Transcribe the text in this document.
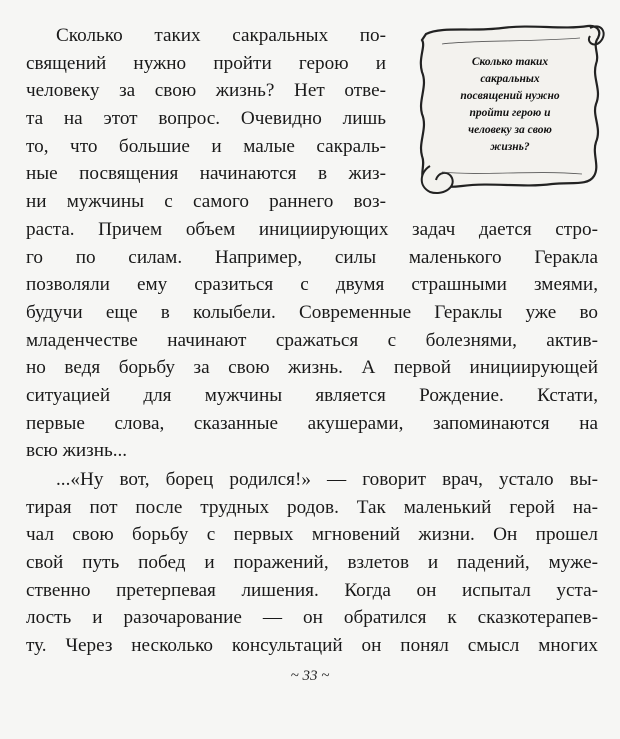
Сколько таких
сакральных
посвящений нужно
пройти герою и
человеку за свою
жизнь?
Сколько таких сакральных по-
священий нужно пройти герою и
человеку за свою жизнь? Нет отве-
та на этот вопрос. Очевидно лишь
то, что большие и малые сакраль-
ные посвящения начинаются в жиз-
ни мужчины с самого раннего воз-
раста. Причем объем инициирующих задач дается стро-
го по силам. Например, силы маленького Геракла
позволяли ему сразиться с двумя страшными змеями,
будучи еще в колыбели. Современные Гераклы уже во
младенчестве начинают сражаться с болезнями, актив-
но ведя борьбу за свою жизнь. А первой инициирующей
ситуацией для мужчины является Рождение. Кстати,
первые слова, сказанные акушерами, запоминаются на
всю жизнь...
...«Ну вот, борец родился!» — говорит врач, устало вы-
тирая пот после трудных родов. Так маленький герой на-
чал свою борьбу с первых мгновений жизни. Он прошел
свой путь побед и поражений, взлетов и падений, муже-
ственно претерпевая лишения. Когда он испытал уста-
лость и разочарование — он обратился к сказкотерапев-
ту. Через несколько консультаций он понял смысл многих
~ 33 ~
